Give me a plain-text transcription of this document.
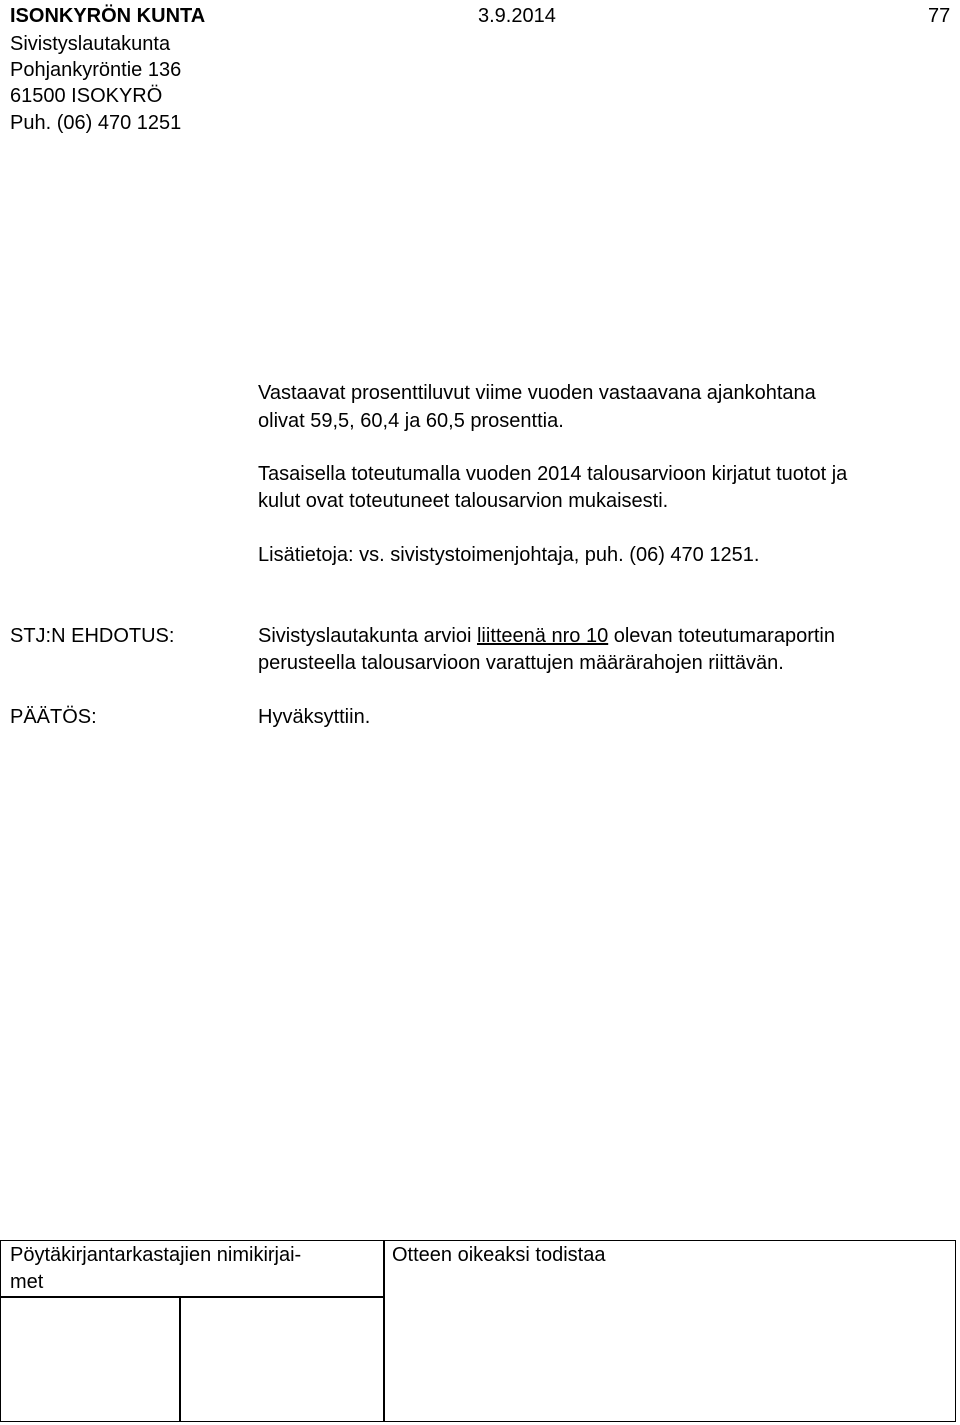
ISONKYRÖN KUNTA	3.9.2014	77
Sivistyslautakunta
Pohjankyröntie 136
61500 ISOKYRÖ
Puh. (06) 470 1251
Vastaavat prosenttiluvut viime vuoden vastaavana ajankohtana
olivat 59,5, 60,4 ja 60,5 prosenttia.
Tasaisella toteutumalla vuoden 2014 talousarvioon kirjatut tuotot ja
kulut ovat toteutuneet talousarvion mukaisesti.
Lisätietoja: vs. sivistystoimenjohtaja, puh. (06) 470 1251.
STJ:N EHDOTUS:	Sivistyslautakunta arvioi liitteenä nro 10 olevan toteutumaraportin
perusteella talousarvioon varattujen määrärahojen riittävän.
PÄÄTÖS:	Hyväksyttiin.
Pöytäkirjantarkastajien nimikirjai-
met
Otteen oikeaksi todistaa
